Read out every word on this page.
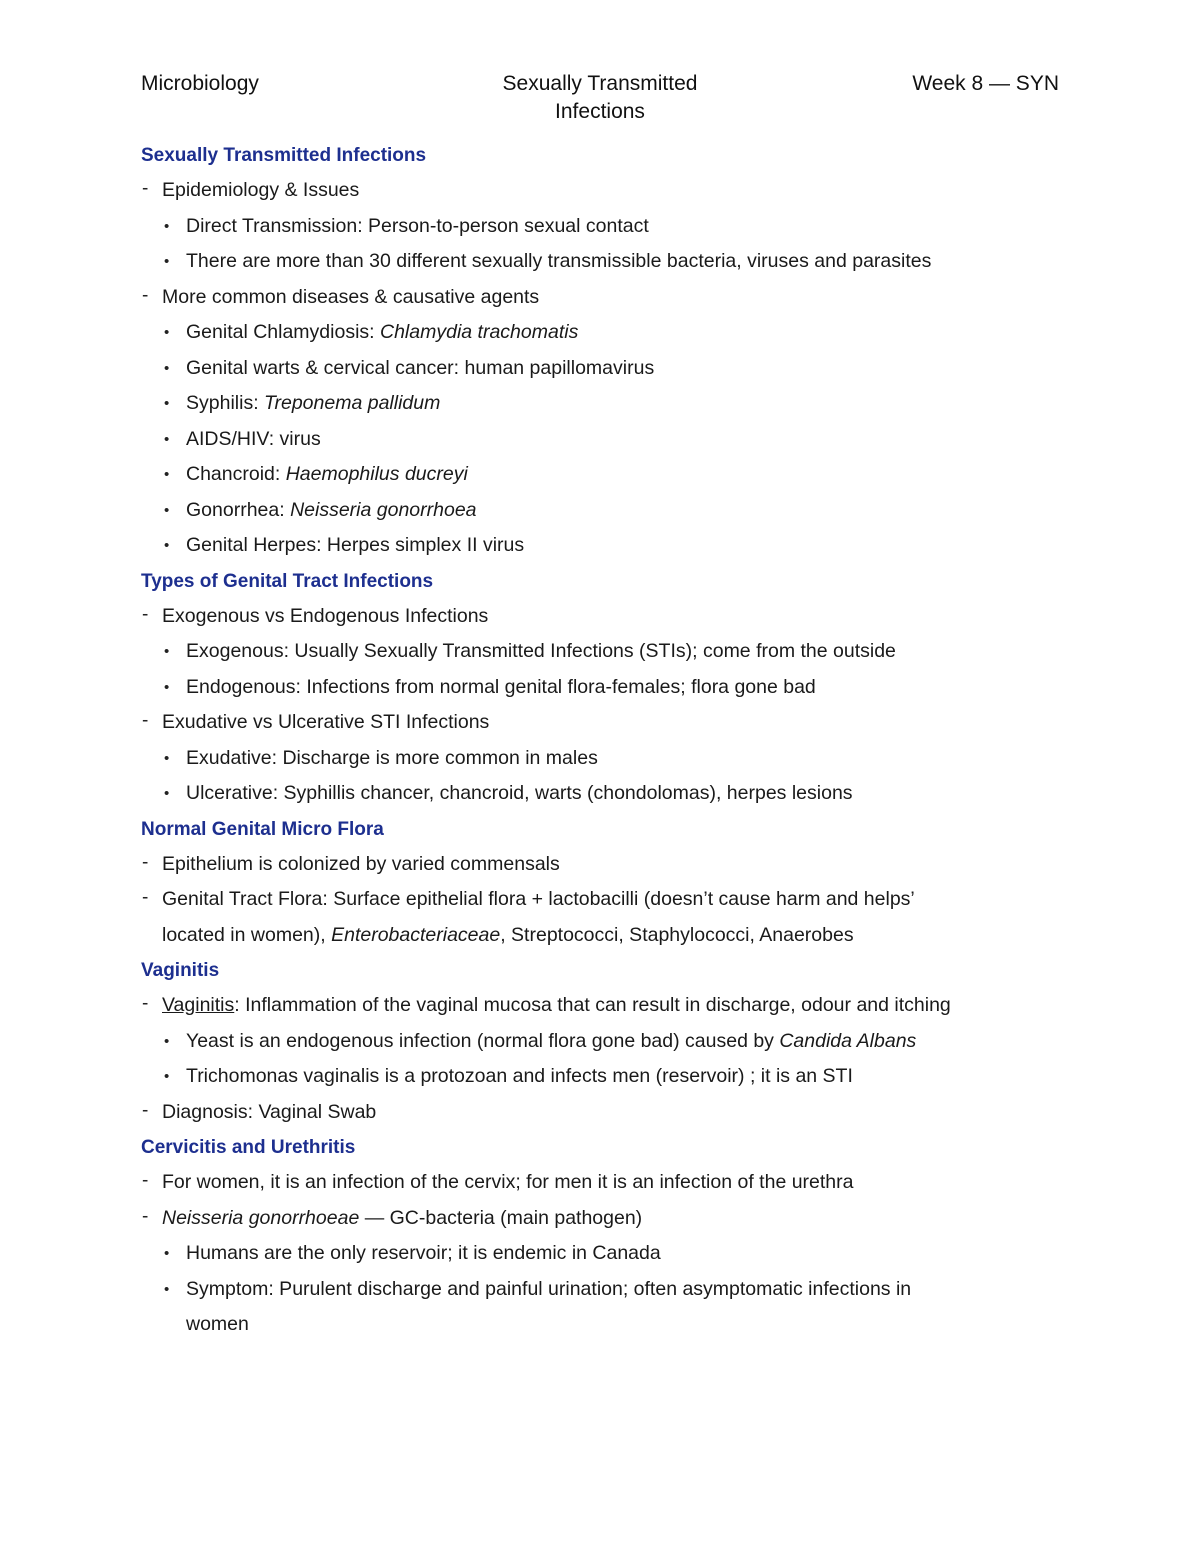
Microbiology	Sexually Transmitted
Infections
Week 8 — SYN
Sexually Transmitted Infections
- Epidemiology & Issues
• Direct Transmission: Person-to-person sexual contact
• There are more than 30 different sexually transmissible bacteria, viruses and parasites
- More common diseases & causative agents
• Genital Chlamydiosis: Chlamydia trachomatis
• Genital warts & cervical cancer: human papillomavirus
• Syphilis: Treponema pallidum
• AIDS/HIV: virus
• Chancroid: Haemophilus ducreyi
• Gonorrhea: Neisseria gonorrhoea
• Genital Herpes: Herpes simplex II virus
Types of Genital Tract Infections
- Exogenous vs Endogenous Infections
• Exogenous: Usually Sexually Transmitted Infections (STIs); come from the outside
• Endogenous: Infections from normal genital flora-females; flora gone bad
- Exudative vs Ulcerative STI Infections
• Exudative: Discharge is more common in males
• Ulcerative: Syphillis chancer, chancroid, warts (chondolomas), herpes lesions
Normal Genital Micro Flora
- Epithelium is colonized by varied commensals
- Genital Tract Flora: Surface epithelial flora + lactobacilli (doesn’t cause harm and helps’
located in women), Enterobacteriaceae, Streptococci, Staphylococci, Anaerobes
Vaginitis
- Vaginitis: Inflammation of the vaginal mucosa that can result in discharge, odour and itching
• Yeast is an endogenous infection (normal flora gone bad) caused by Candida Albans
• Trichomonas vaginalis is a protozoan and infects men (reservoir) ; it is an STI
- Diagnosis: Vaginal Swab
Cervicitis and Urethritis
- For women, it is an infection of the cervix; for men it is an infection of the urethra
- Neisseria gonorrhoeae — GC-bacteria (main pathogen)
• Humans are the only reservoir; it is endemic in Canada
• Symptom: Purulent discharge and painful urination; often asymptomatic infections in
women
